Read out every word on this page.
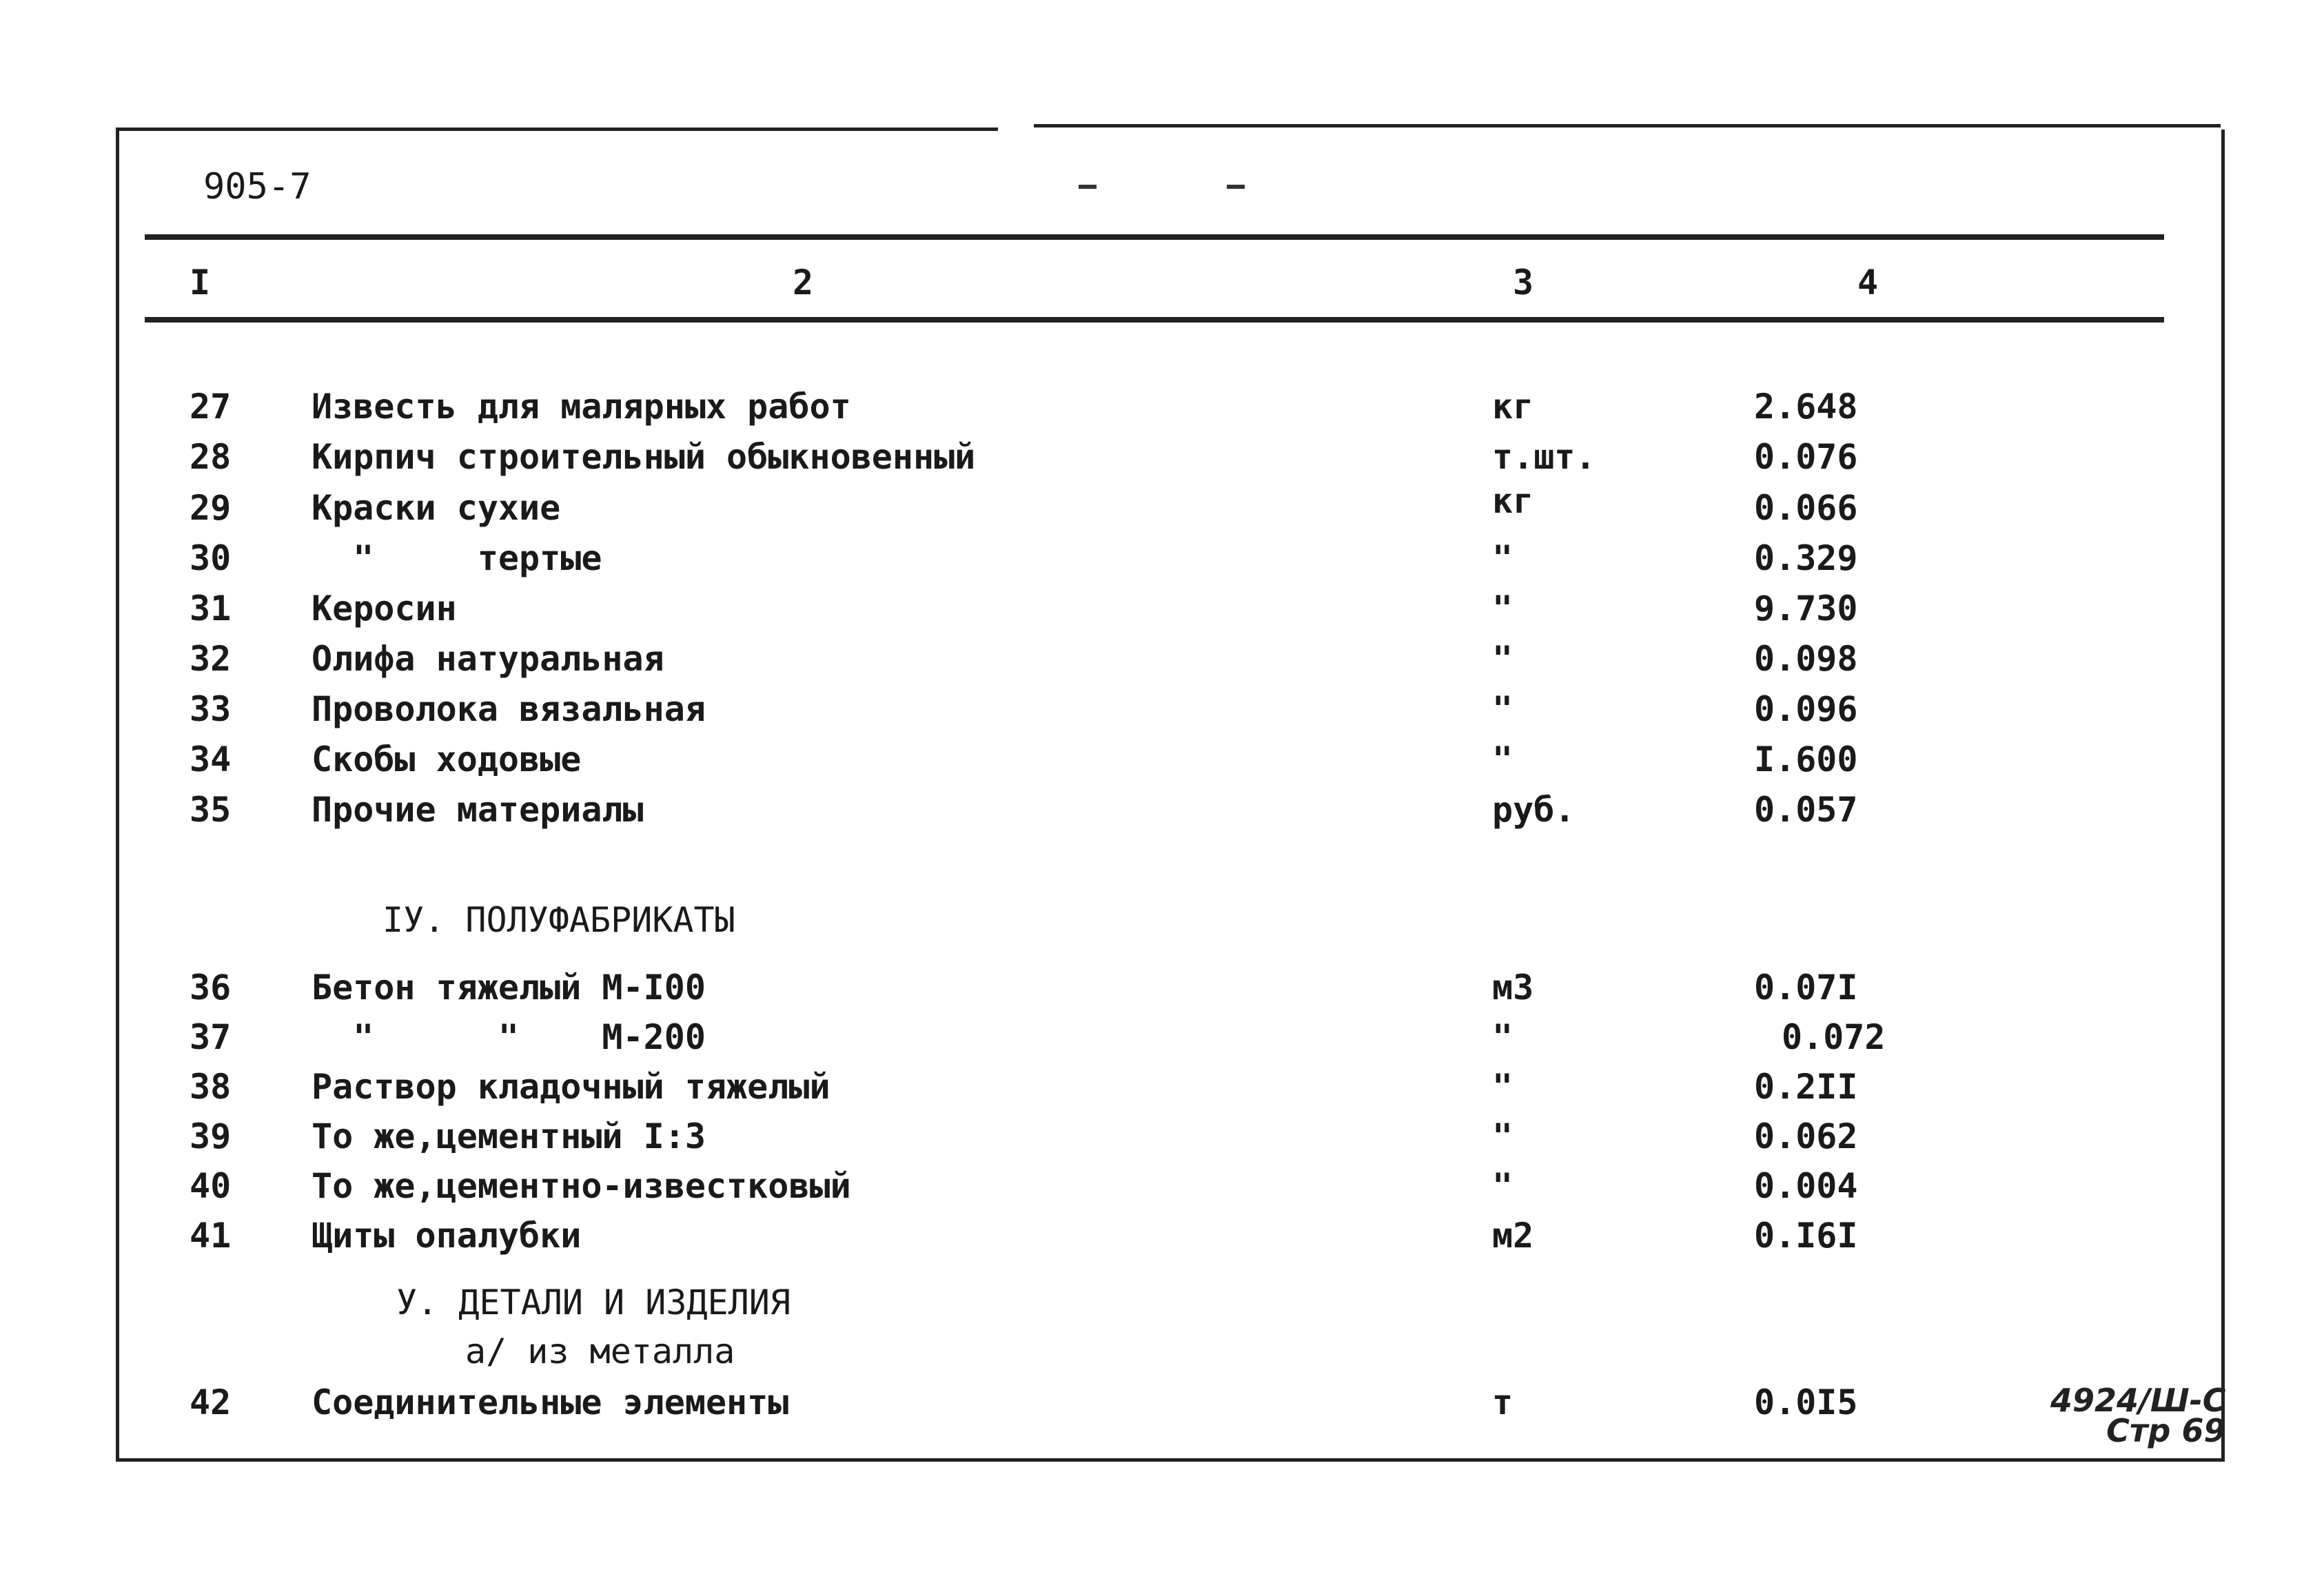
905-7
I	2	3	4
27 Известь для малярных работ	кг	2.648
28 Кирпич строительный обыкновенный	т.шт.	0.076
29 Краски сухие	кг	0.066
30 "     тертые	"	0.329
31 Керосин	"	9.730
32 Олифа натуральная	"	0.098
33 Проволока вязальная	"	0.096
34 Скобы ходовые	"	I.600
35 Прочие материалы	руб.	0.057
IУ. ПОЛУФАБРИКАТЫ
36 Бетон тяжелый М-I00	м3	0.07I
37 "      "    М-200	"	0.072
38 Раствор кладочный тяжелый	"	0.2II
39 То же,цементный I:3	"	0.062
40 То же,цементно-известковый	"	0.004
41 Щиты опалубки	м2	0.I6I
У. ДЕТАЛИ И ИЗДЕЛИЯ
а/ из металла
42 Соединительные элементы	т	0.0I5	4924/Ш-С
Стр 69
